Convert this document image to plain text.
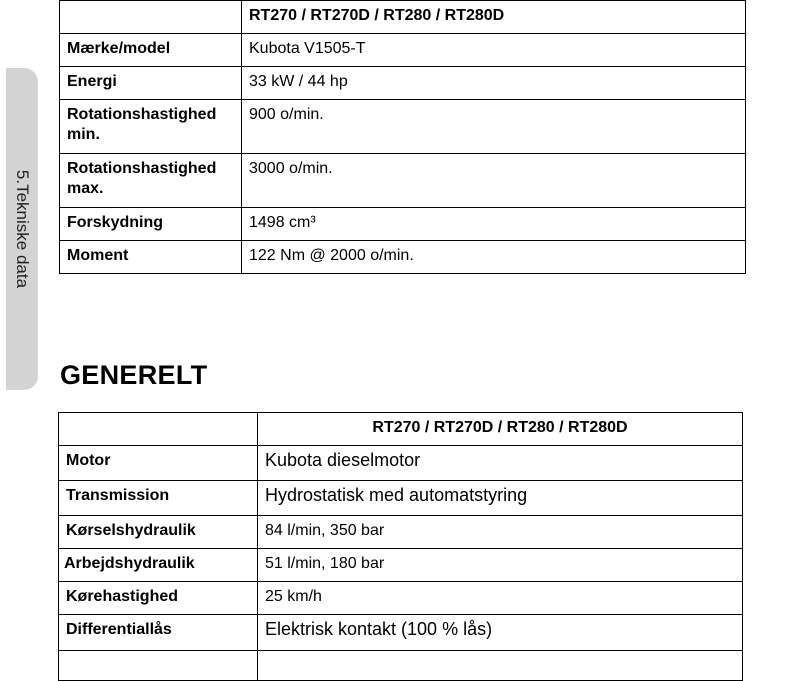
5.Tekniske data
	RT270 / RT270D / RT280 / RT280D
Mærke/model	Kubota V1505-T
Energi	33 kW / 44 hp
Rotationshastighed min.	900 o/min.
Rotationshastighed max.	3000 o/min.
Forskydning	1498 cm³
Moment	122 Nm @ 2000 o/min.
GENERELT
	RT270 / RT270D / RT280 / RT280D
Motor	Kubota dieselmotor
Transmission	Hydrostatisk med automatstyring
Kørselshydraulik	84 l/min, 350 bar
Arbejdshydraulik	51 l/min, 180 bar
Kørehastighed	25 km/h
Differentiallås	Elektrisk kontakt (100 % lås)
